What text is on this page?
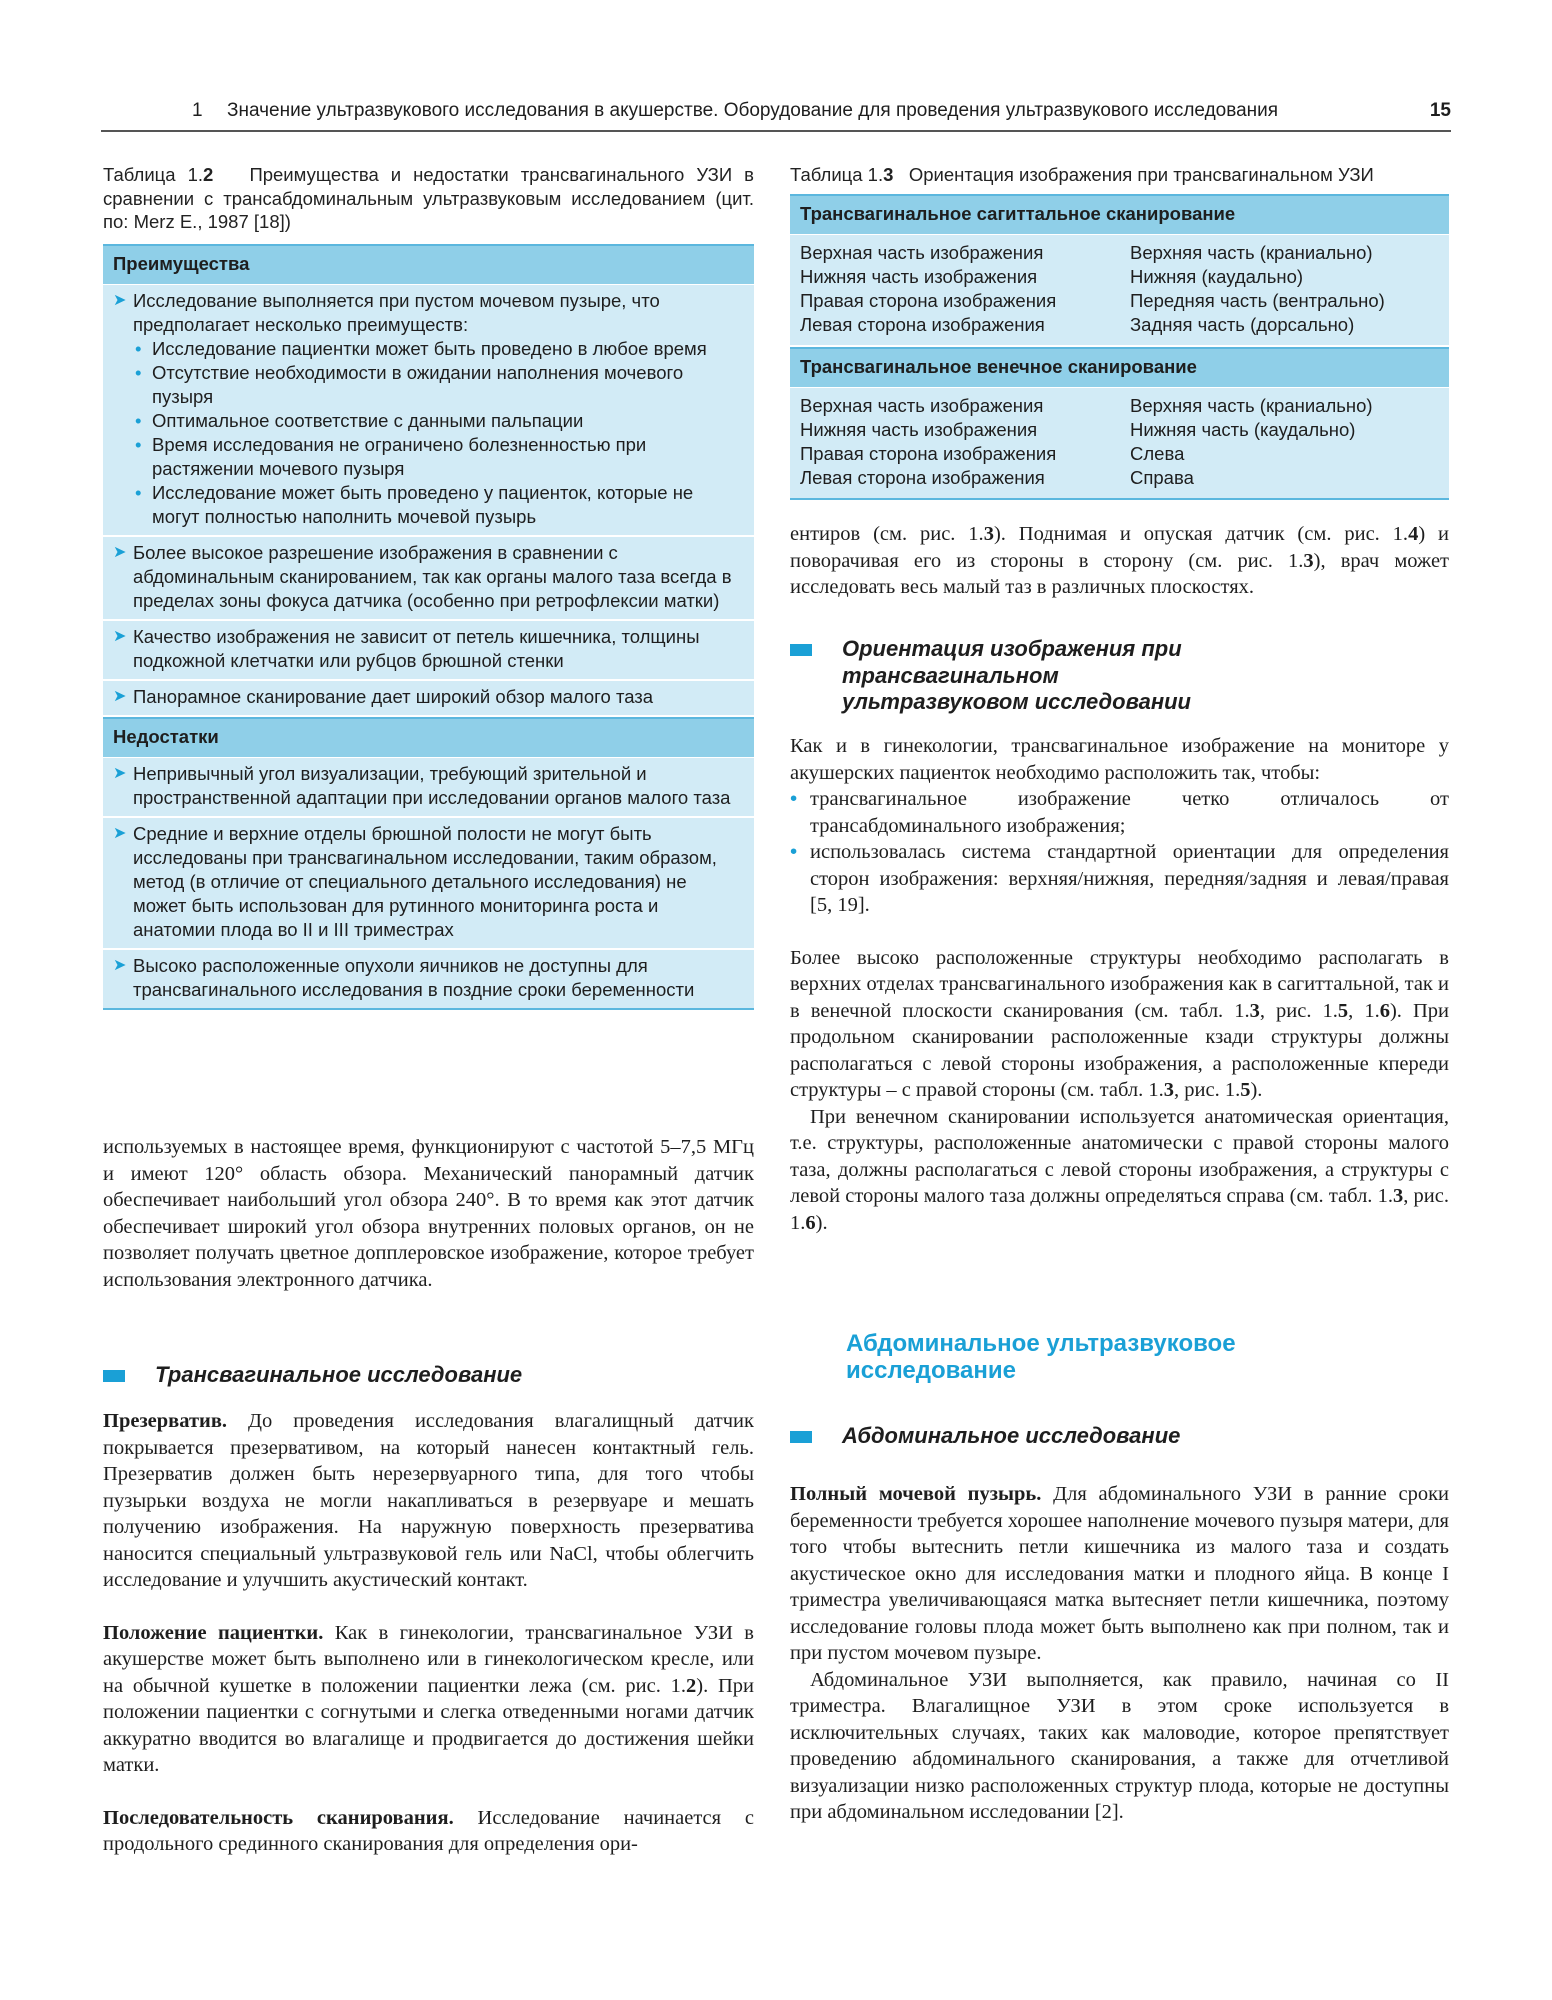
1 Значение ультразвукового исследования в акушерстве. Оборудование для проведения ультразвукового исследования	15
Таблица 1.2 Преимущества и недостатки трансвагинального УЗИ в сравнении с трансабдоминальным ультразвуковым исследованием (цит. по: Merz E., 1987 [18])
Преимущества
➤ Исследование выполняется при пустом мочевом пузыре, что предполагает несколько преимуществ:
• Исследование пациентки может быть проведено в любое время
• Отсутствие необходимости в ожидании наполнения мочевого пузыря
• Оптимальное соответствие с данными пальпации
• Время исследования не ограничено болезненностью при растяжении мочевого пузыря
• Исследование может быть проведено у пациенток, которые не могут полностью наполнить мочевой пузырь
➤ Более высокое разрешение изображения в сравнении с абдоминальным сканированием, так как органы малого таза всегда в пределах зоны фокуса датчика (особенно при ретрофлексии матки)
➤ Качество изображения не зависит от петель кишечника, толщины подкожной клетчатки или рубцов брюшной стенки
➤ Панорамное сканирование дает широкий обзор малого таза
Недостатки
➤ Непривычный угол визуализации, требующий зрительной и пространственной адаптации при исследовании органов малого таза
➤ Средние и верхние отделы брюшной полости не могут быть исследованы при трансвагинальном исследовании, таким образом, метод (в отличие от специального детального исследования) не может быть использован для рутинного мониторинга роста и анатомии плода во II и III триместрах
➤ Высоко расположенные опухоли яичников не доступны для трансвагинального исследования в поздние сроки беременности
Таблица 1.3 Ориентация изображения при трансвагинальном УЗИ
Трансвагинальное сагиттальное сканирование
Верхная часть изображения	Верхняя часть (краниально)
Нижняя часть изображения	Нижняя (каудально)
Правая сторона изображения	Передняя часть (вентрально)
Левая сторона изображения	Задняя часть (дорсально)
Трансвагинальное венечное сканирование
Верхная часть изображения	Верхняя часть (краниально)
Нижняя часть изображения	Нижняя часть (каудально)
Правая сторона изображения	Слева
Левая сторона изображения	Справа

используемых в настоящее время, функционируют с частотой 5–7,5 МГц и имеют 120° область обзора. Механический панорамный датчик обеспечивает наибольший угол обзора 240°. В то время как этот датчик обеспечивает широкий угол обзора внутренних половых органов, он не позволяет получать цветное допплеровское изображение, которое требует использования электронного датчика.

Трансвагинальное исследование

Презерватив. До проведения исследования влагалищный датчик покрывается презервативом, на который нанесен контактный гель. Презерватив должен быть нерезервуарного типа, для того чтобы пузырьки воздуха не могли накапливаться в резервуаре и мешать получению изображения. На наружную поверхность презерватива наносится специальный ультразвуковой гель или NaCl, чтобы облегчить исследование и улучшить акустический контакт.

Положение пациентки. Как в гинекологии, трансвагинальное УЗИ в акушерстве может быть выполнено или в гинекологическом кресле, или на обычной кушетке в положении пациентки лежа (см. рис. 1.2). При положении пациентки с согнутыми и слегка отведенными ногами датчик аккуратно вводится во влагалище и продвигается до достижения шейки матки.

Последовательность сканирования. Исследование начинается с продольного срединного сканирования для определения ори-

ентиров (см. рис. 1.3). Поднимая и опуская датчик (см. рис. 1.4) и поворачивая его из стороны в сторону (см. рис. 1.3), врач может исследовать весь малый таз в различных плоскостях.

Ориентация изображения при трансвагинальном ультразвуковом исследовании

Как и в гинекологии, трансвагинальное изображение на мониторе у акушерских пациенток необходимо расположить так, чтобы:

• трансвагинальное изображение четко отличалось от трансабдоминального изображения;
• использовалась система стандартной ориентации для определения сторон изображения: верхняя/нижняя, передняя/задняя и левая/правая [5, 19].

Более высоко расположенные структуры необходимо располагать в верхних отделах трансвагинального изображения как в сагиттальной, так и в венечной плоскости сканирования (см. табл. 1.3, рис. 1.5, 1.6). При продольном сканировании расположенные кзади структуры должны располагаться с левой стороны изображения, а расположенные кпереди структуры – с правой стороны (см. табл. 1.3, рис. 1.5).

При венечном сканировании используется анатомическая ориентация, т.е. структуры, расположенные анатомически с правой стороны малого таза, должны располагаться с левой стороны изображения, а структуры с левой стороны малого таза должны определяться справа (см. табл. 1.3, рис. 1.6).

Абдоминальное ультразвуковое исследование
Абдоминальное исследование

Полный мочевой пузырь. Для абдоминального УЗИ в ранние сроки беременности требуется хорошее наполнение мочевого пузыря матери, для того чтобы вытеснить петли кишечника из малого таза и создать акустическое окно для исследования матки и плодного яйца. В конце I триместра увеличивающаяся матка вытесняет петли кишечника, поэтому исследование головы плода может быть выполнено как при полном, так и при пустом мочевом пузыре.

Абдоминальное УЗИ выполняется, как правило, начиная со II триместра. Влагалищное УЗИ в этом сроке используется в исключительных случаях, таких как маловодие, которое препятствует проведению абдоминального сканирования, а также для отчетливой визуализации низко расположенных структур плода, которые не доступны при абдоминальном исследовании [2].
